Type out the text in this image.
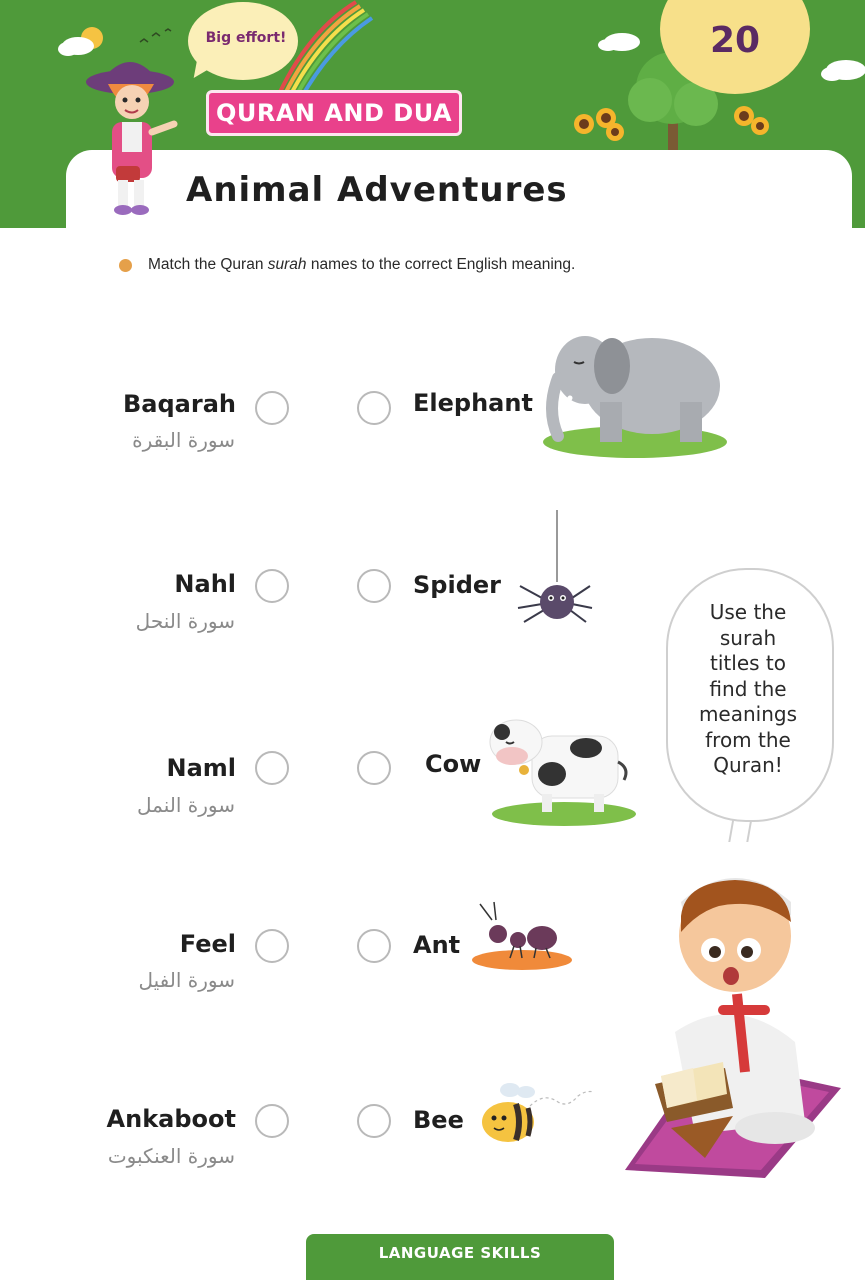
Big effort!	20
QURAN AND DUA
Animal Adventures
Match the Quran surah names to the correct English meaning.
Baqarah
سورة البقرة
Nahl
سورة النحل
Naml
سورة النمل
Feel
سورة الفيل
Ankaboot
سورة العنكبوت
Elephant
Spider
Cow
Ant
Bee
Use the
surah
titles to
find the
meanings
from the
Quran!
LANGUAGE SKILLS
